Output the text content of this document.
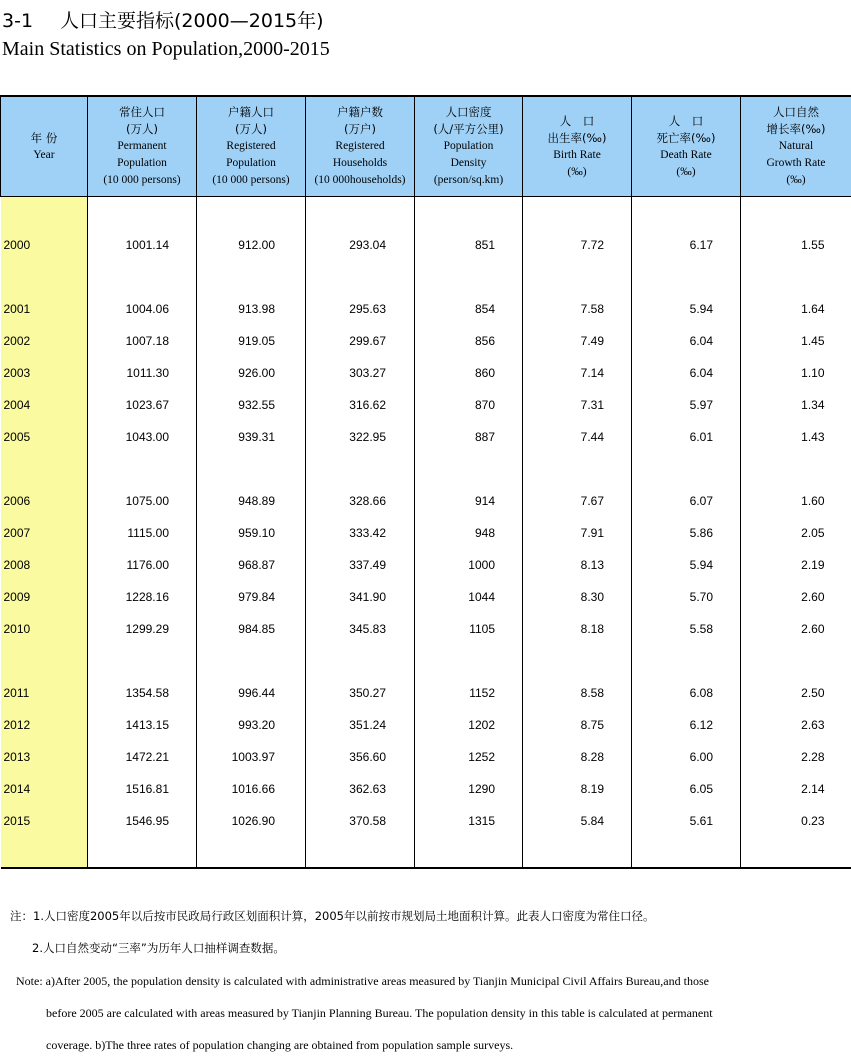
3-1 人口主要指标(2000—2015年)
Main Statistics on Population,2000-2015
年 份
Year	常住人口
(万人)
Permanent
Population
(10 000 persons)	户籍人口
(万人)
Registered
Population
(10 000 persons)	户籍户数
(万户)
Registered
Households
(10 000households)	人口密度
(人/平方公里)
Population
Density
(person/sq.km)	人　口
出生率(‰)
Birth Rate
(‰)	人　口
死亡率(‰)
Death Rate
(‰)	人口自然
增长率(‰)
Natural
Growth Rate
(‰)

2000	1001.14	912.00	293.04	851	7.72	6.17	1.55

2001	1004.06	913.98	295.63	854	7.58	5.94	1.64
2002	1007.18	919.05	299.67	856	7.49	6.04	1.45
2003	1011.30	926.00	303.27	860	7.14	6.04	1.10
2004	1023.67	932.55	316.62	870	7.31	5.97	1.34
2005	1043.00	939.31	322.95	887	7.44	6.01	1.43

2006	1075.00	948.89	328.66	914	7.67	6.07	1.60
2007	1115.00	959.10	333.42	948	7.91	5.86	2.05
2008	1176.00	968.87	337.49	1000	8.13	5.94	2.19
2009	1228.16	979.84	341.90	1044	8.30	5.70	2.60
2010	1299.29	984.85	345.83	1105	8.18	5.58	2.60

2011	1354.58	996.44	350.27	1152	8.58	6.08	2.50
2012	1413.15	993.20	351.24	1202	8.75	6.12	2.63
2013	1472.21	1003.97	356.60	1252	8.28	6.00	2.28
2014	1516.81	1016.66	362.63	1290	8.19	6.05	2.14
2015	1546.95	1026.90	370.58	1315	5.84	5.61	0.23

注：1.人口密度2005年以后按市民政局行政区划面积计算，2005年以前按市规划局土地面积计算。此表人口密度为常住口径。
2.人口自然变动“三率”为历年人口抽样调查数据。
Note: a)After 2005, the population density is calculated with administrative areas measured by Tianjin Municipal Civil Affairs Bureau,and those
before 2005 are calculated with areas measured by Tianjin Planning Bureau. The population density in this table is calculated at permanent
coverage. b)The three rates of population changing are obtained from population sample surveys.
